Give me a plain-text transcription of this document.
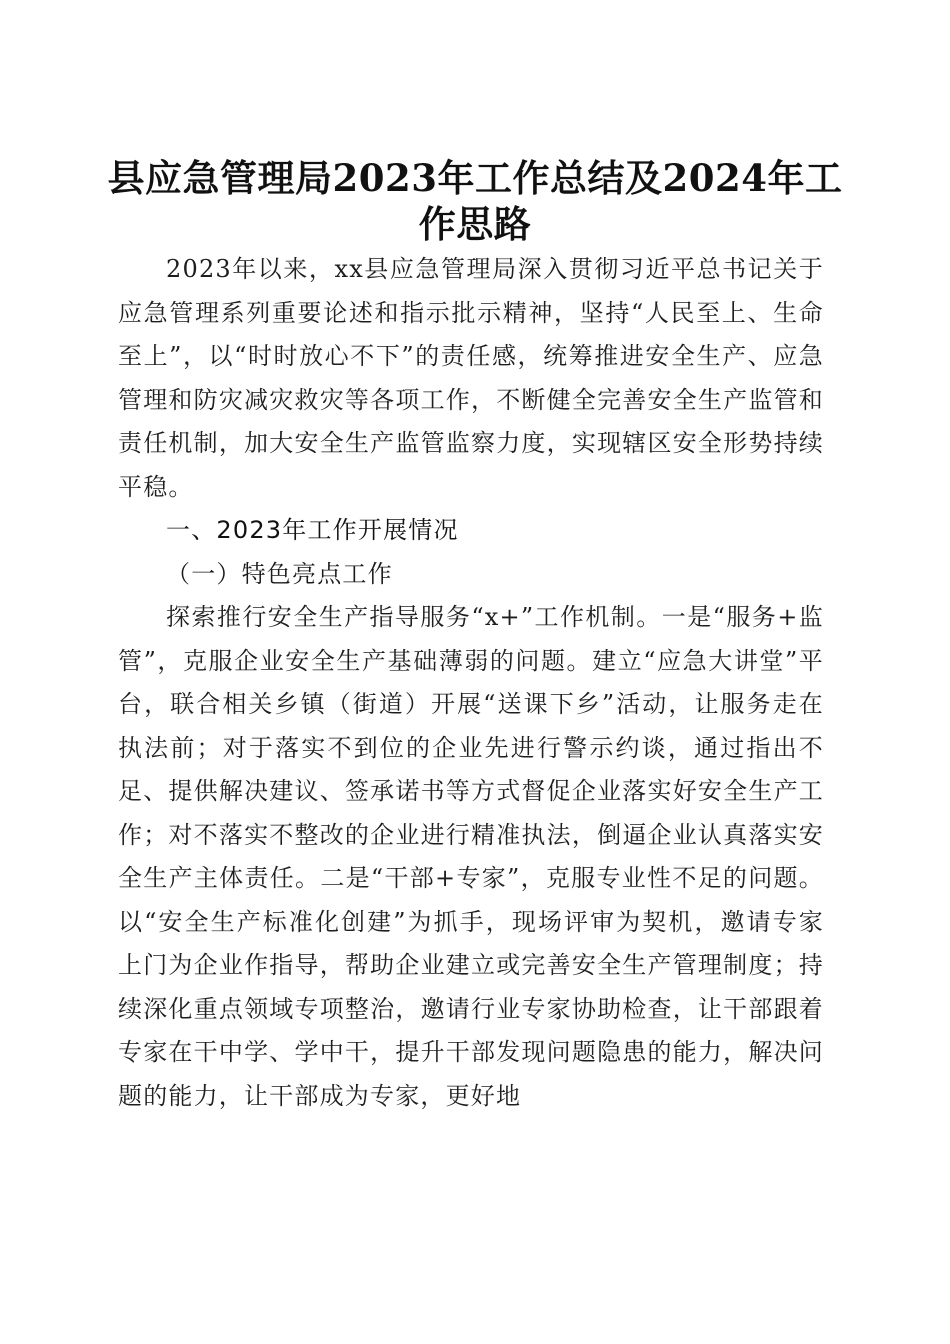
县应急管理局2023年工作总结及2024年工作思路

2023年以来，xx县应急管理局深入贯彻习近平总书记关于应急管理系列重要论述和指示批示精神，坚持“人民至上、生命至上”，以“时时放心不下”的责任感，统筹推进安全生产、应急管理和防灾减灾救灾等各项工作，不断健全完善安全生产监管和责任机制，加大安全生产监管监察力度，实现辖区安全形势持续平稳。

一、2023年工作开展情况

（一）特色亮点工作

探索推行安全生产指导服务“x+”工作机制。一是“服务+监管”，克服企业安全生产基础薄弱的问题。建立“应急大讲堂”平台，联合相关乡镇（街道）开展“送课下乡”活动，让服务走在执法前；对于落实不到位的企业先进行警示约谈，通过指出不足、提供解决建议、签承诺书等方式督促企业落实好安全生产工作；对不落实不整改的企业进行精准执法，倒逼企业认真落实安全生产主体责任。二是“干部+专家”，克服专业性不足的问题。以“安全生产标准化创建”为抓手，现场评审为契机，邀请专家上门为企业作指导，帮助企业建立或完善安全生产管理制度；持续深化重点领域专项整治，邀请行业专家协助检查，让干部跟着专家在干中学、学中干，提升干部发现问题隐患的能力，解决问题的能力，让干部成为专家，更好地
